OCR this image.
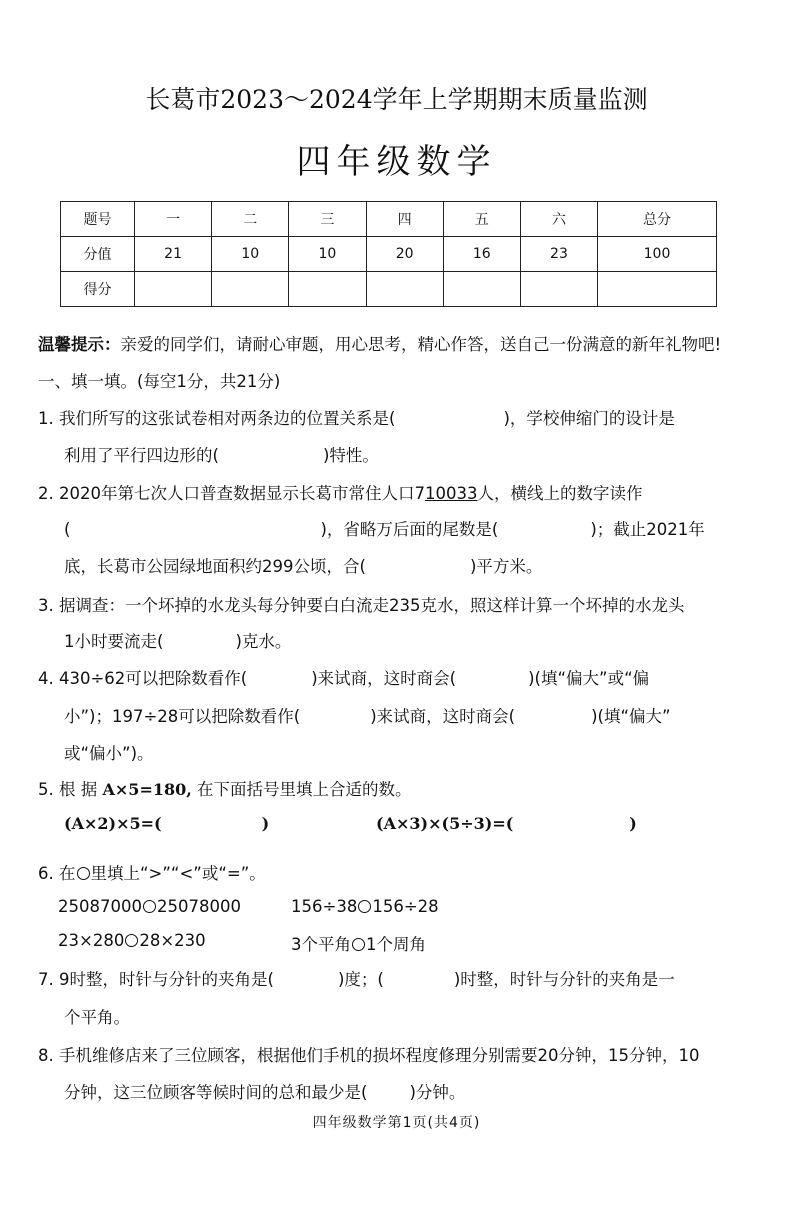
长葛市2023～2024学年上学期期末质量监测
四年级数学
题号	一	二	三	四	五	六	总分
分值	21	10	10	20	16	23	100
得分							
温馨提示：亲爱的同学们，请耐心审题，用心思考，精心作答，送自己一份满意的新年礼物吧!
一、填一填。(每空1分，共21分)
1. 我们所写的这张试卷相对两条边的位置关系是(	)，学校伸缩门的设计是
利用了平行四边形的(	)特性。
2. 2020年第七次人口普查数据显示长葛市常住人口710033人，横线上的数字读作
(	)，省略万后面的尾数是(	)；截止2021年
底，长葛市公园绿地面积约299公顷，合(	)平方米。
3. 据调查：一个坏掉的水龙头每分钟要白白流走235克水，照这样计算一个坏掉的水龙头
1小时要流走(	)克水。
4. 430÷62可以把除数看作(	)来试商，这时商会(	)(填“偏大”或“偏
小”)；197÷28可以把除数看作(	)来试商，这时商会(	)(填“偏大”
或“偏小”)。
5. 根 据 A×5=180, 在下面括号里填上合适的数。
(A×2)×5=(	)	(A×3)×(5÷3)=(	)
6. 在 里填上“>”“<”或“=”。
25087000 25078000	156÷38 156÷28
23×280 28×230	3个平角 1个周角
7. 9时整，时针与分针的夹角是(	)度；(	)时整，时针与分针的夹角是一
个平角。
8. 手机维修店来了三位顾客，根据他们手机的损坏程度修理分别需要20分钟，15分钟，10
分钟，这三位顾客等候时间的总和最少是(	)分钟。
四年级数学第1页(共4页)
